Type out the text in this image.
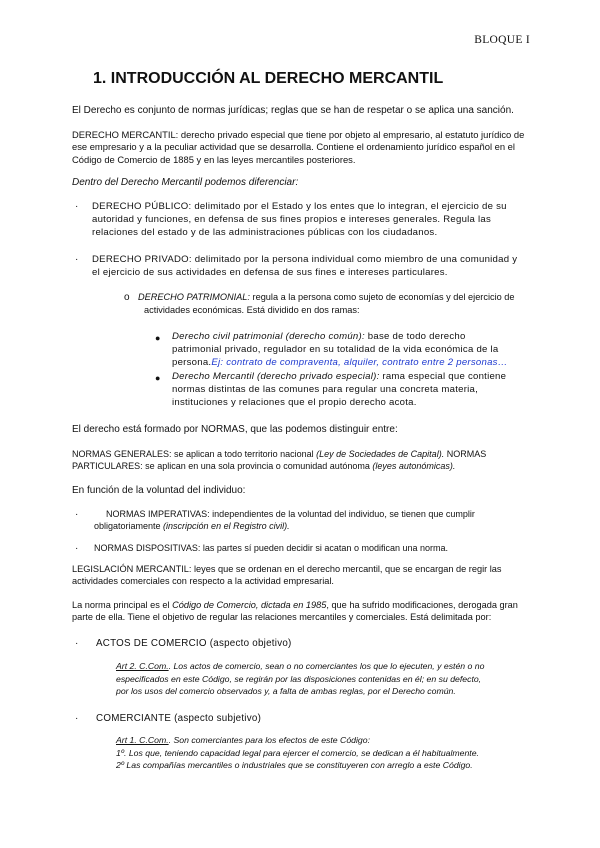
BLOQUE I
1. INTRODUCCIÓN AL DERECHO MERCANTIL
El Derecho es conjunto de normas jurídicas; reglas que se han de respetar o se aplica una sanción.
DERECHO MERCANTIL: derecho privado especial que tiene por objeto al empresario, al estatuto jurídico de
ese empresario y a la peculiar actividad que se desarrolla. Contiene el ordenamiento jurídico español en el
Código de Comercio de 1885 y en las leyes mercantiles posteriores.
Dentro del Derecho Mercantil podemos diferenciar:
· DERECHO PÚBLICO: delimitado por el Estado y los entes que lo integran, el ejercicio de su
autoridad y funciones, en defensa de sus fines propios e intereses generales. Regula las
relaciones del estado y de las administraciones públicas con los ciudadanos.
· DERECHO PRIVADO: delimitado por la persona individual como miembro de una comunidad y
el ejercicio de sus actividades en defensa de sus fines e intereses particulares.
o DERECHO PATRIMONIAL: regula a la persona como sujeto de economías y del ejercicio de
actividades económicas. Está dividido en dos ramas:
● Derecho civil patrimonial (derecho común): base de todo derecho
patrimonial privado, regulador en su totalidad de la vida económica de la
persona.Ej: contrato de compraventa, alquiler, contrato entre 2 personas…
● Derecho Mercantil (derecho privado especial): rama especial que contiene
normas distintas de las comunes para regular una concreta materia,
instituciones y relaciones que el propio derecho acota.
El derecho está formado por NORMAS, que las podemos distinguir entre:
NORMAS GENERALES: se aplican a todo territorio nacional (Ley de Sociedades de Capital). NORMAS
PARTICULARES: se aplican en una sola provincia o comunidad autónoma (leyes autonómicas).
En función de la voluntad del individuo:
·	NORMAS IMPERATIVAS: independientes de la voluntad del individuo, se tienen que cumplir
obligatoriamente (inscripción en el Registro civil).
· NORMAS DISPOSITIVAS: las partes sí pueden decidir si acatan o modifican una norma.
LEGISLACIÓN MERCANTIL: leyes que se ordenan en el derecho mercantil, que se encargan de regir las
actividades comerciales con respecto a la actividad empresarial.
La norma principal es el Código de Comercio, dictada en 1985, que ha sufrido modificaciones, derogada gran
parte de ella. Tiene el objetivo de regular las relaciones mercantiles y comerciales. Está delimitada por:
· ACTOS DE COMERCIO (aspecto objetivo)
Art 2. C.Com.. Los actos de comercio, sean o no comerciantes los que lo ejecuten, y estén o no
especificados en este Código, se regirán por las disposiciones contenidas en él; en su defecto,
por los usos del comercio observados y, a falta de ambas reglas, por el Derecho común.
· COMERCIANTE (aspecto subjetivo)
Art 1. C.Com.. Son comerciantes para los efectos de este Código:
1º. Los que, teniendo capacidad legal para ejercer el comercio, se dedican a él habitualmente.
2º Las compañías mercantiles o industriales que se constituyeren con arreglo a este Código.
